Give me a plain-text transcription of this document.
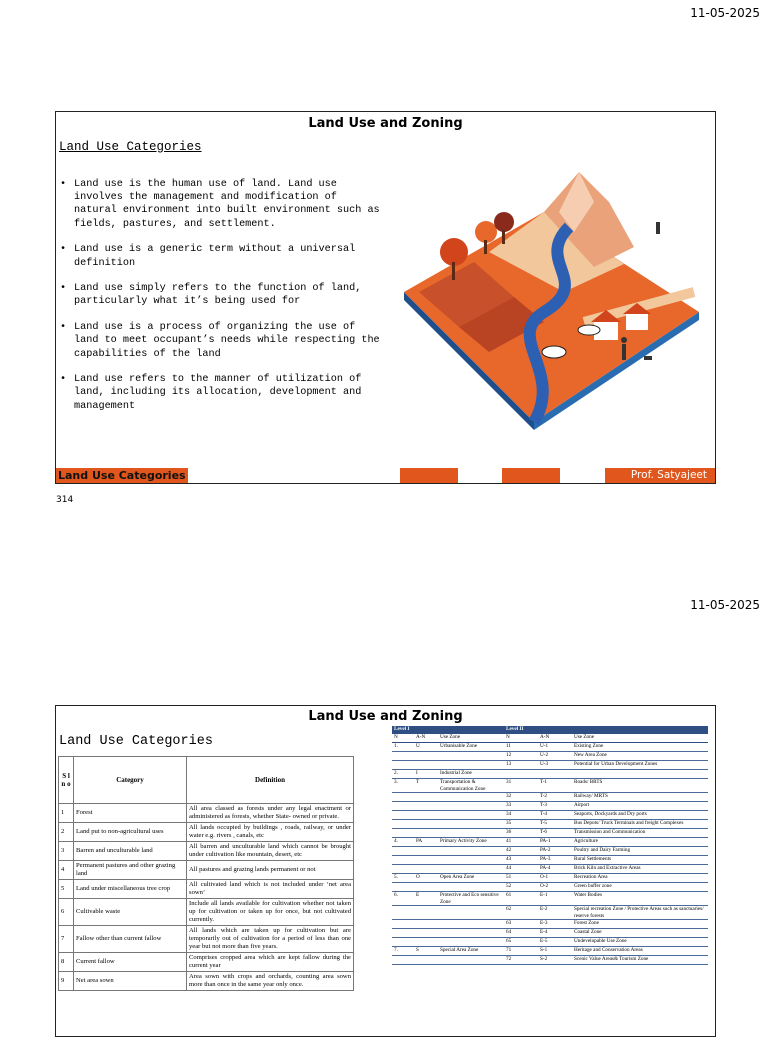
11-05-2025
Land Use and Zoning
Land Use Categories
• Land use is the human use of land. Land use involves the management and modification of natural environment into built environment such as fields, pastures, and settlement.
• Land use is a generic term without a universal definition
• Land use simply refers to the function of land, particularly what it’s being used for
• Land use is a process of organizing the use of land to meet occupant’s needs while respecting the capabilities of the land
• Land use refers to the manner of utilization of land, including its allocation, development and management
Land Use Categories	Prof. Satyajeet
314
11-05-2025
Land Use and Zoning
Land Use Categories
S l n o	Category	Definition
1	Forest	All area classed as forests under any legal enactment or administered as forests, whether State- owned or private.
2	Land put to non-agricultural uses	All lands occupied by buildings , roads, railway, or under water e.g. rivers , canals, etc
3	Barren and unculturable land	All barren and unculturable land which cannot be brought under cultivation like mountain, desert, etc
4	Permanent pastures and other grazing land	All pastures and grazing lands permanent or not
5	Land under miscellaneous tree crop	All cultivated land which is not included under ‘net area sown’
6	Cultivable waste	Include all lands available for cultivation whether not taken up for cultivation or taken up for once, but not cultivated currently.
7	Fallow other than current fallow	All lands which are taken up for cultivation but are temporarily out of cultivation for a period of less than one year but not more than five years.
8	Current fallow	Comprises cropped area which are kept fallow during the current year
9	Net area sown	Area sown with crops and orchards, counting area sown more than once in the same year only once.
Level I			Level II		
N	A-N	Use Zone	N	A-N	Use Zone
1.	U	Urbanisable Zone	11	U-1	Existing Zone
			12	U-2	New Area Zone
			13	U-3	Potential for Urban Development Zones
2.	I	Industrial Zone			
3.	T	Transportation & Communication Zone	31	T-1	Roads/ BRTS
			32	T-2	Railway/ MRTS
			33	T-3	Airport
			34	T-4	Seaports, Dockyards and Dry ports
			35	T-5	Bus Depots/ Truck Terminals and freight Complexes
			36	T-6	Transmission and Communication
4.	PA	Primary Activity Zone	41	PA-1	Agriculture
			42	PA-2	Poultry and Dairy Farming
			43	PA-3	Rural Settlements
			44	PA-4	Brick Kiln and Extractive Areas
5.	O	Open Area Zone	51	O-1	Recreation Area
			52	O-2	Green buffer zone
6.	E	Protective and Eco sensitive Zone	61	E-1	Water Bodies
			62	E-2	Special recreation Zone / Protective Areas such as sanctuaries/ reserve forests
			63	E-3	Forest Zone
			64	E-4	Coastal Zone
			65	E-5	Undevelopable Use Zone
7.	S	Special Area Zone	71	S-1	Heritage and Conservation Areas
			72	S-2	Scenic Value Areas& Tourism Zone
